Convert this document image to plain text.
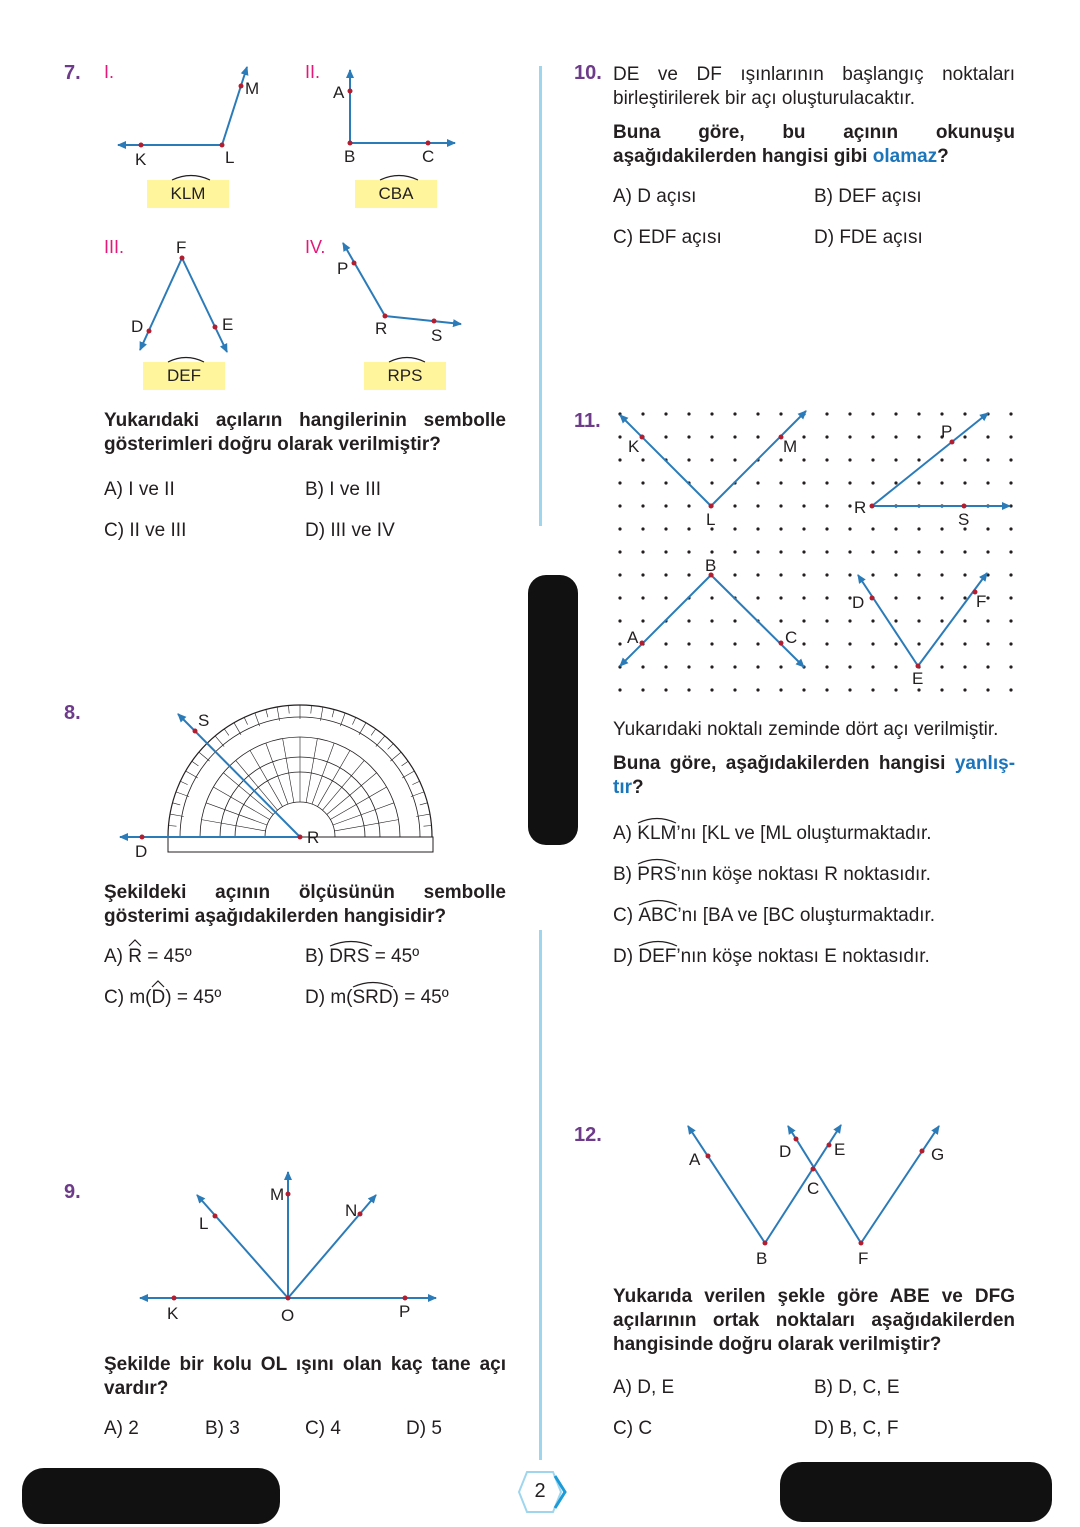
7. I.	II.
III.	IV.
K	L
M	A
B	C
F
D	E
P
R	S
KLM	CBA
DEF	RPS
Yukarıdaki açıların hangilerinin sembolle gösterimleri doğru olarak verilmiştir?
A) I ve II	B) I ve III
C) II ve III	D) III ve IV
8.	S
R
D
Şekildeki açının ölçüsünün sembolle gösterimi aşağıdakilerden hangisidir?
A) R = 45º	B) DRS = 45º
C) m(
D) = 45º	D) m(
SRD) = 45º
9.
K	O	P
M
L
N
Şekilde bir kolu OL ışını olan kaç tane açı vardır?
A) 2	B) 3	C) 4	D) 5
10. DE ve DF ışınlarının başlangıç noktaları birleştirilerek bir açı oluşturulacaktır.
Buna göre, bu açının okunuşu aşağıdakilerden hangisi gibi olamaz?
A) D açısı	B) DEF açısı
C) EDF açısı	D) FDE açısı
11.
K	M
L
P
R
S
B
A	C
D
E
F
Yukarıdaki noktalı zeminde dört açı verilmiştir.
Buna göre, aşağıdakilerden hangisi yanlıştır?
A) KLM’nı [KL ve [ML oluşturmaktadır.
B) PRS’nın köşe noktası R noktasıdır.
C) ABC’nı [BA ve [BC oluşturmaktadır.
D) DEF’nın köşe noktası E noktasıdır.
12.
A	D	E
C
G
B	F
Yukarıda verilen şekle göre ABE ve DFG açılarının ortak noktaları aşağıdakilerden hangisinde doğru olarak verilmiştir?
A) D, E	B) D, C, E
C) C	D) B, C, F
2
